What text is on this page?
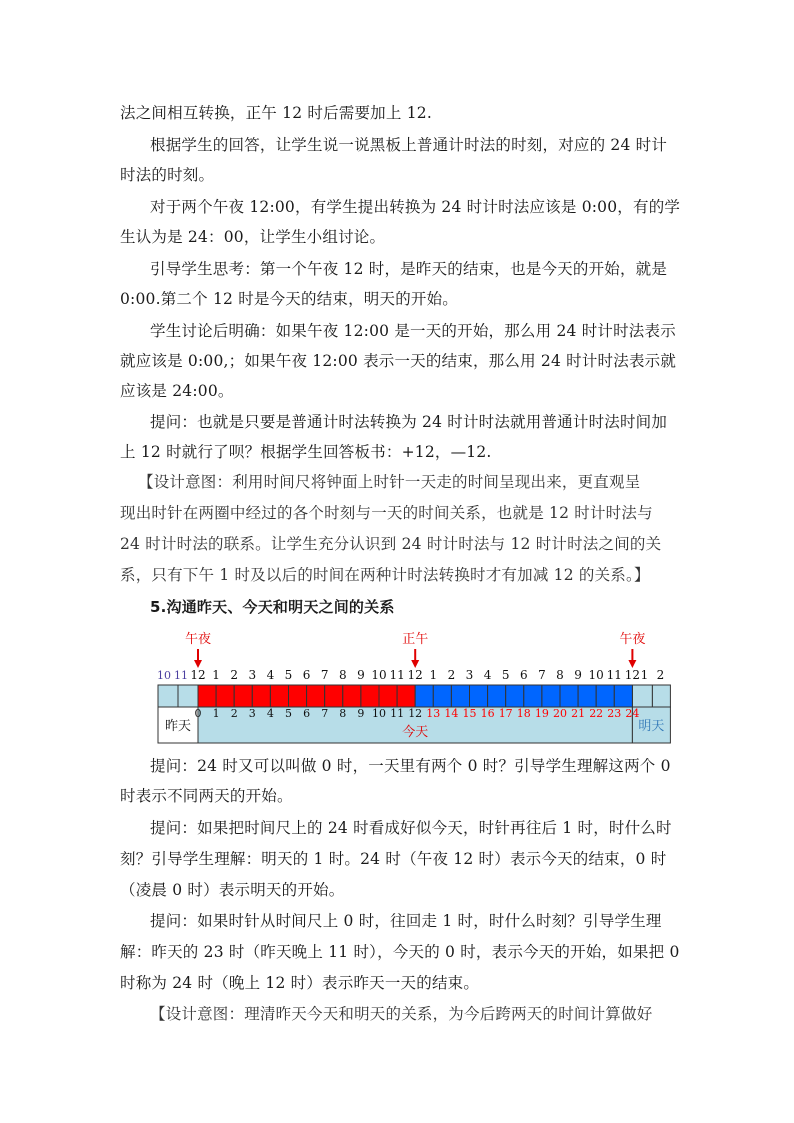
法之间相互转换，正午 12 时后需要加上 12.
根据学生的回答，让学生说一说黑板上普通计时法的时刻，对应的 24 时计
时法的时刻。
对于两个午夜 12:00，有学生提出转换为 24 时计时法应该是 0:00，有的学
生认为是 24：00，让学生小组讨论。
引导学生思考：第一个午夜 12 时，是昨天的结束，也是今天的开始，就是
0:00.第二个 12 时是今天的结束，明天的开始。
学生讨论后明确：如果午夜 12:00 是一天的开始，那么用 24 时计时法表示
就应该是 0:00,；如果午夜 12:00 表示一天的结束，那么用 24 时计时法表示就
应该是 24:00。
提问：也就是只要是普通计时法转换为 24 时计时法就用普通计时法时间加
上 12 时就行了呗？根据学生回答板书：+12，—12.
【设计意图：利用时间尺将钟面上时针一天走的时间呈现出来，更直观呈
现出时针在两圈中经过的各个时刻与一天的时间关系，也就是 12 时计时法与
24 时计时法的联系。让学生充分认识到 24 时计时法与 12 时计时法之间的关
系，只有下午 1 时及以后的时间在两种计时法转换时才有加减 12 的关系。】
5.沟通昨天、今天和明天之间的关系
提问：24 时又可以叫做 0 时，一天里有两个 0 时？引导学生理解这两个 0
时表示不同两天的开始。
提问：如果把时间尺上的 24 时看成好似今天，时针再往后 1 时，时什么时
刻？引导学生理解：明天的 1 时。24 时（午夜 12 时）表示今天的结束，0 时
（凌晨 0 时）表示明天的开始。
提问：如果时针从时间尺上 0 时，往回走 1 时，时什么时刻？引导学生理
解：昨天的 23 时（昨天晚上 11 时），今天的 0 时，表示今天的开始，如果把 0
时称为 24 时（晚上 12 时）表示昨天一天的结束。
【设计意图：理清昨天今天和明天的关系，为今后跨两天的时间计算做好
12 1 2 3 4 5 6 7 8 9 10 11 12 1 2 3 4 5 6 7 8 9 10 11 12
10 11	1 2
0 1 2 3 4 5 6 7 8 9 10 11 12 13 14 15 16 17 18 19 20 21 22 23 24
午夜	正午	午夜
昨天	今天	明天
